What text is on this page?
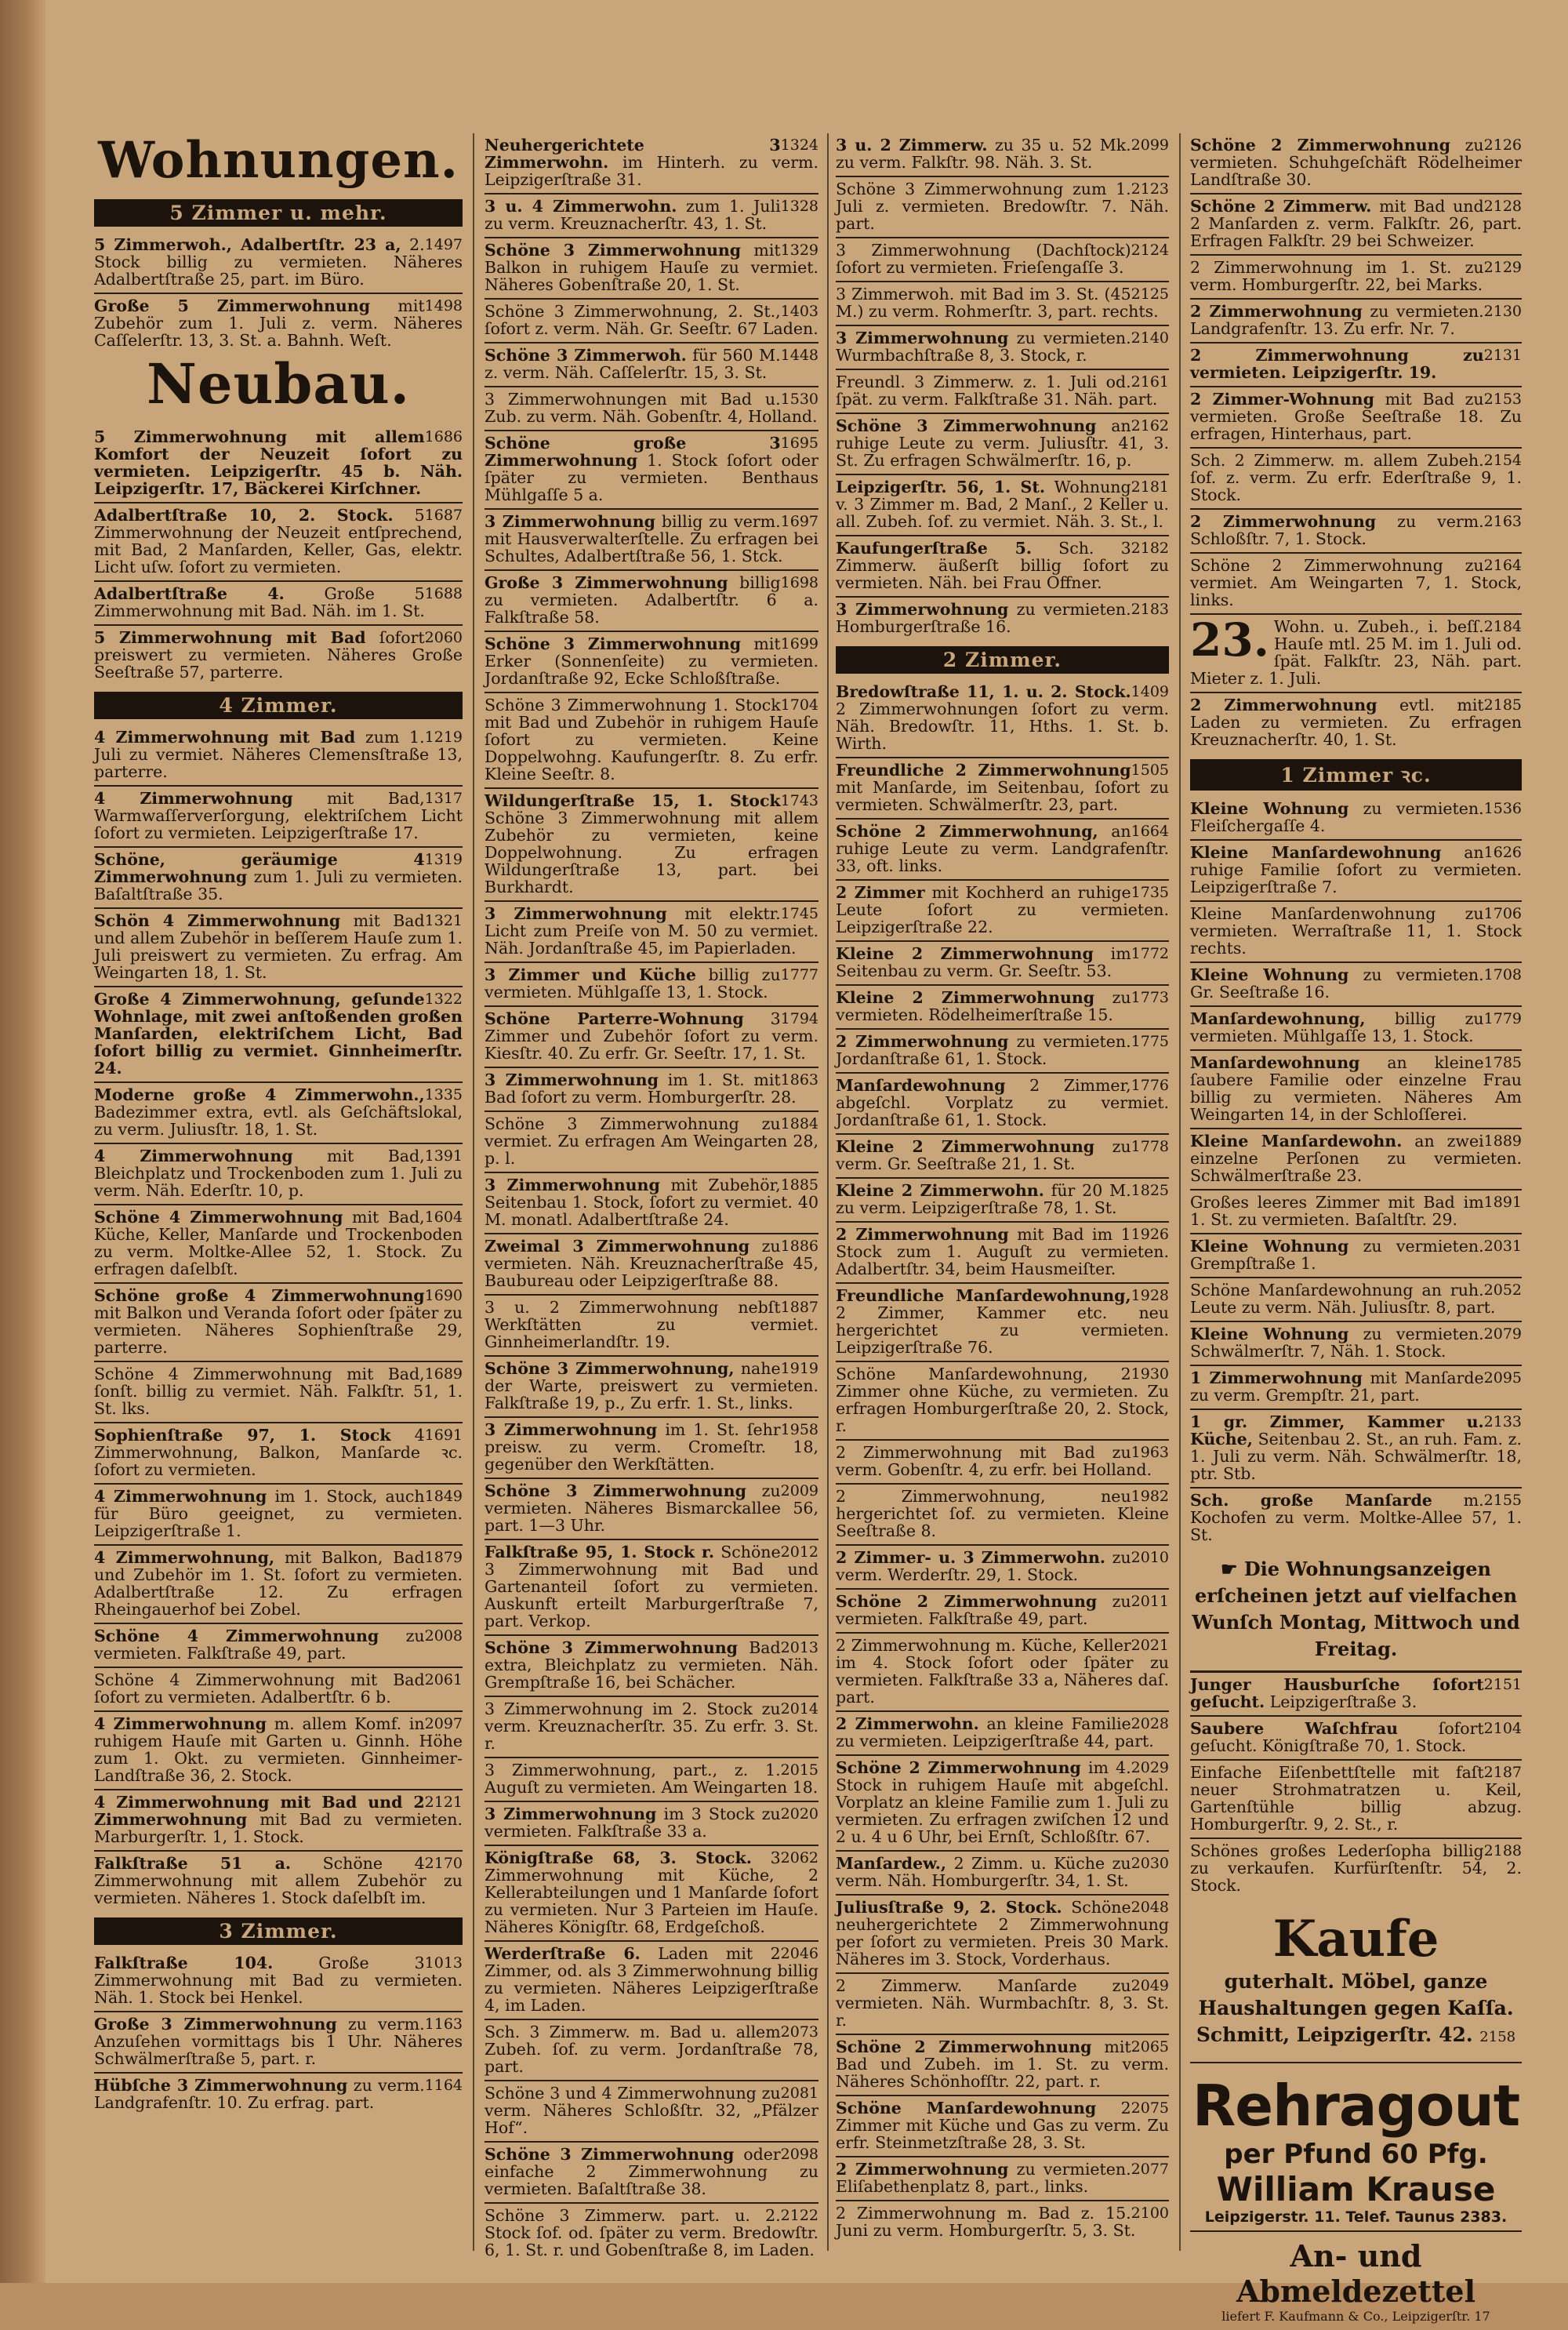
Wohnungen.
5 Zimmer u. mehr.
1497
5 Zimmerwoh., Adalbertſtr. 23 a, 2. Stock billig zu vermieten. Näheres Adalbertſtraße 25, part. im Büro.
1498
Große 5 Zimmerwohnung mit Zubehör zum 1. Juli z. verm. Näheres Caſſelerſtr. 13, 3. St. a. Bahnh. Weſt.
Neubau.
1686
5 Zimmerwohnung mit allem Komfort der Neuzeit ſofort zu vermieten. Leipzigerſtr. 45 b. Näh. Leipzigerſtr. 17, Bäckerei Kirſchner.
1687
Adalbertſtraße 10, 2. Stock. 5 Zimmerwohnung der Neuzeit entſprechend, mit Bad, 2 Manſarden, Keller, Gas, elektr. Licht uſw. ſofort zu vermieten.
1688
Adalbertſtraße 4. Große 5 Zimmerwohnung mit Bad. Näh. im 1. St.
2060
5 Zimmerwohnung mit Bad ſofort preiswert zu vermieten. Näheres Große Seeſtraße 57, parterre.
4 Zimmer.
1219
4 Zimmerwohnung mit Bad zum 1. Juli zu vermiet. Näheres Clemensſtraße 13, parterre.
1317
4 Zimmerwohnung mit Bad, Warmwaſſerverſorgung, elektriſchem Licht ſofort zu vermieten. Leipzigerſtraße 17.
1319
Schöne, geräumige 4 Zimmerwohnung zum 1. Juli zu vermieten. Baſaltſtraße 35.
1321
Schön 4 Zimmerwohnung mit Bad und allem Zubehör in beſſerem Hauſe zum 1. Juli preiswert zu vermieten. Zu erfrag. Am Weingarten 18, 1. St.
1322
Große 4 Zimmerwohnung, geſunde Wohnlage, mit zwei anſtoßenden großen Manſarden, elektriſchem Licht, Bad ſofort billig zu vermiet. Ginnheimerſtr. 24.
1335
Moderne große 4 Zimmerwohn., Badezimmer extra, evtl. als Geſchäftslokal, zu verm. Juliusſtr. 18, 1. St.
1391
4 Zimmerwohnung mit Bad, Bleichplatz und Trockenboden zum 1. Juli zu verm. Näh. Ederſtr. 10, p.
1604
Schöne 4 Zimmerwohnung mit Bad, Küche, Keller, Manſarde und Trockenboden zu verm. Moltke-Allee 52, 1. Stock. Zu erfragen daſelbſt.
1690
Schöne große 4 Zimmerwohnung mit Balkon und Veranda ſofort oder ſpäter zu vermieten. Näheres Sophienſtraße 29, parterre.
1689
Schöne 4 Zimmerwohnung mit Bad, ſonſt. billig zu vermiet. Näh. Falkſtr. 51, 1. St. lks.
1691
Sophienſtraße 97, 1. Stock 4 Zimmerwohnung, Balkon, Manſarde ꝛc. ſofort zu vermieten.
1849
4 Zimmerwohnung im 1. Stock, auch für Büro geeignet, zu vermieten. Leipzigerſtraße 1.
1879
4 Zimmerwohnung, mit Balkon, Bad und Zubehör im 1. St. ſofort zu vermieten. Adalbertſtraße 12. Zu erfragen Rheingauerhof bei Zobel.
2008
Schöne 4 Zimmerwohnung zu vermieten. Falkſtraße 49, part.
2061
Schöne 4 Zimmerwohnung mit Bad ſofort zu vermieten. Adalbertſtr. 6 b.
2097
4 Zimmerwohnung m. allem Komf. in ruhigem Hauſe mit Garten u. Ginnh. Höhe zum 1. Okt. zu vermieten. Ginnheimer-Landſtraße 36, 2. Stock.
2121
4 Zimmerwohnung mit Bad und 2 Zimmerwohnung mit Bad zu vermieten. Marburgerſtr. 1, 1. Stock.
2170
Falkſtraße 51 a. Schöne 4 Zimmerwohnung mit allem Zubehör zu vermieten. Näheres 1. Stock daſelbſt im.
3 Zimmer.
1013
Falkſtraße 104.	Große 3 Zimmerwohnung mit Bad zu vermieten. Näh. 1. Stock bei Henkel.
1163
Große 3 Zimmerwohnung zu verm. Anzuſehen vormittags bis 1 Uhr. Näheres Schwälmerſtraße 5, part. r.
1164
Hübſche 3 Zimmerwohnung zu verm. Landgrafenſtr. 10. Zu erfrag. part.
1324
Neuhergerichtete 3 Zimmerwohn. im Hinterh. zu verm. Leipzigerſtraße 31.
1328
3 u. 4 Zimmerwohn. zum 1. Juli zu verm. Kreuznacherſtr. 43, 1. St.
1329
Schöne 3 Zimmerwohnung mit Balkon in ruhigem Hauſe zu vermiet. Näheres Gobenſtraße 20, 1. St.
1403
Schöne 3 Zimmerwohnung, 2. St., ſofort z. verm. Näh. Gr. Seeſtr. 67 Laden.
1448
Schöne 3 Zimmerwoh. für 560 M. z. verm. Näh. Caſſelerſtr. 15, 3. St.
1530
3 Zimmerwohnungen mit Bad u. Zub. zu verm. Näh. Gobenſtr. 4, Holland.
1695
Schöne große 3 Zimmerwohnung 1. Stock ſofort oder ſpäter zu vermieten. Benthaus Mühlgaſſe 5 a.
1697
3 Zimmerwohnung billig zu verm. mit Hausverwalterſtelle. Zu erfragen bei Schultes, Adalbertſtraße 56, 1. Stck.
1698
Große 3 Zimmerwohnung billig zu vermieten. Adalbertſtr. 6 a. Falkſtraße 58.
1699
Schöne 3 Zimmerwohnung mit Erker (Sonnenſeite) zu vermieten. Jordanſtraße 92, Ecke Schloßſtraße.
1704
Schöne 3 Zimmerwohnung 1. Stock mit Bad und Zubehör in ruhigem Hauſe ſofort zu vermieten. Keine Doppelwohng. Kaufungerſtr. 8. Zu erfr. Kleine Seeſtr. 8.
1743
Wildungerſtraße 15, 1. Stock Schöne 3 Zimmerwohnung mit allem Zubehör zu vermieten, keine Doppelwohnung. Zu erfragen Wildungerſtraße 13, part. bei Burkhardt.
1745
3 Zimmerwohnung mit elektr. Licht zum Preiſe von M. 50 zu vermiet. Näh. Jordanſtraße 45, im Papierladen.
1777
3 Zimmer und Küche billig zu vermieten. Mühlgaſſe 13, 1. Stock.
1794
Schöne Parterre-Wohnung 3 Zimmer und Zubehör ſofort zu verm. Kiesſtr. 40. Zu erfr. Gr. Seeſtr. 17, 1. St.
1863
3 Zimmerwohnung im 1. St. mit Bad ſofort zu verm. Homburgerſtr. 28.
1884
Schöne 3 Zimmerwohnung zu vermiet. Zu erfragen Am Weingarten 28, p. l.
1885
3 Zimmerwohnung mit Zubehör, Seitenbau 1. Stock, ſofort zu vermiet. 40 M. monatl. Adalbertſtraße 24.
1886
Zweimal 3 Zimmerwohnung zu vermieten. Näh. Kreuznacherſtraße 45, Baubureau oder Leipzigerſtraße 88.
1887
3 u. 2 Zimmerwohnung nebſt Werkſtätten zu vermiet. Ginnheimerlandſtr. 19.
1919
Schöne 3 Zimmerwohnung, nahe der Warte, preiswert zu vermieten. Falkſtraße 19, p., Zu erfr. 1. St., links.
1958
3 Zimmerwohnung im 1. St. ſehr preisw. zu verm. Cromeſtr. 18, gegenüber den Werkſtätten.
2009
Schöne 3 Zimmerwohnung zu vermieten. Näheres Bismarckallee 56, part. 1—3 Uhr.
2012
Falkſtraße 95, 1. Stock r. Schöne 3 Zimmerwohnung mit Bad und Gartenanteil ſofort zu vermieten. Auskunft erteilt Marburgerſtraße 7, part. Verkop.
2013
Schöne 3 Zimmerwohnung Bad extra, Bleichplatz zu vermieten. Näh. Grempſtraße 16, bei Schächer.
2014
3 Zimmerwohnung im 2. Stock zu verm. Kreuznacherſtr. 35. Zu erfr. 3. St. r.
2015
3 Zimmerwohnung, part., z. 1. Auguſt zu vermieten. Am Weingarten 18.
2020
3 Zimmerwohnung im 3 Stock zu vermieten. Falkſtraße 33 a.
2062
Königſtraße 68, 3. Stock. 3 Zimmerwohnung mit Küche, 2 Kellerabteilungen und 1 Manſarde ſofort zu vermieten. Nur 3 Parteien im Hauſe. Näheres Königſtr. 68, Erdgeſchoß.
2046
Werderſtraße 6. Laden mit 2 Zimmer, od. als 3 Zimmerwohnung billig zu vermieten. Näheres Leipzigerſtraße 4, im Laden.
2073
Sch. 3 Zimmerw. m. Bad u. allem Zubeh. ſof. zu verm. Jordanſtraße 78, part.
2081
Schöne 3 und 4 Zimmerwohnung zu verm. Näheres Schloßſtr. 32, „Pfälzer Hof“.
2098
Schöne 3 Zimmerwohnung oder einfache 2 Zimmerwohnung zu vermieten. Baſaltſtraße 38.
2122
Schöne 3 Zimmerw. part. u. 2. Stock ſof. od. ſpäter zu verm. Bredowſtr. 6, 1. St. r. und Gobenſtraße 8, im Laden.
2099
3 u. 2 Zimmerw. zu 35 u. 52 Mk. zu verm. Falkſtr. 98. Näh. 3. St.
2123
Schöne 3 Zimmerwohnung zum 1. Juli z. vermieten. Bredowſtr. 7. Näh. part.
2124
3 Zimmerwohnung (Dachſtock) ſofort zu vermieten. Frieſengaſſe 3.
2125
3 Zimmerwoh. mit Bad im 3. St. (45 M.) zu verm. Rohmerſtr. 3, part. rechts.
2140
3 Zimmerwohnung zu vermieten. Wurmbachſtraße 8, 3. Stock, r.
2161
Freundl. 3 Zimmerw. z. 1. Juli od. ſpät. zu verm. Falkſtraße 31. Näh. part.
2162
Schöne 3 Zimmerwohnung an ruhige Leute zu verm. Juliusſtr. 41, 3. St. Zu erfragen Schwälmerſtr. 16, p.
2181
Leipzigerſtr. 56, 1. St. Wohnung v. 3 Zimmer m. Bad, 2 Manſ., 2 Keller u. all. Zubeh. ſof. zu vermiet. Näh. 3. St., l.
2182
Kaufungerſtraße 5. Sch. 3 Zimmerw. äußerſt billig ſofort zu vermieten. Näh. bei Frau Offner.
2183
3 Zimmerwohnung zu vermieten. Homburgerſtraße 16.
2 Zimmer.
1409
Bredowſtraße 11, 1. u. 2. Stock. 2 Zimmerwohnungen ſofort zu verm. Näh. Bredowſtr. 11, Hths. 1. St. b. Wirth.
1505
Freundliche 2 Zimmerwohnung mit Manſarde, im Seitenbau, ſofort zu vermieten. Schwälmerſtr. 23, part.
1664
Schöne 2 Zimmerwohnung, an ruhige Leute zu verm. Landgrafenſtr. 33, oft. links.
1735
2 Zimmer mit Kochherd an ruhige Leute ſofort zu vermieten. Leipzigerſtraße 22.
1772
Kleine 2 Zimmerwohnung im Seitenbau zu verm. Gr. Seeſtr. 53.
1773
Kleine 2 Zimmerwohnung zu vermieten. Rödelheimerſtraße 15.
1775
2 Zimmerwohnung zu vermieten. Jordanſtraße 61, 1. Stock.
1776
Manſardewohnung 2 Zimmer, abgeſchl. Vorplatz zu vermiet. Jordanſtraße 61, 1. Stock.
1778
Kleine 2 Zimmerwohnung zu verm. Gr. Seeſtraße 21, 1. St.
1825
Kleine 2 Zimmerwohn. für 20 M. zu verm. Leipzigerſtraße 78, 1. St.
1926
2 Zimmerwohnung mit Bad im 1 Stock zum 1. Auguſt zu vermieten. Adalbertſtr. 34, beim Hausmeiſter.
1928
Freundliche Manſardewohnung, 2 Zimmer, Kammer etc. neu hergerichtet zu vermieten. Leipzigerſtraße 76.
1930
Schöne Manſardewohnung, 2 Zimmer ohne Küche, zu vermieten. Zu erfragen Homburgerſtraße 20, 2. Stock, r.
1963
2 Zimmerwohnung mit Bad zu verm. Gobenſtr. 4, zu erfr. bei Holland.
1982
2 Zimmerwohnung, neu hergerichtet ſof. zu vermieten. Kleine Seeſtraße 8.
2010
2 Zimmer- u. 3 Zimmerwohn. zu verm. Werderſtr. 29, 1. Stock.
2011
Schöne 2 Zimmerwohnung zu vermieten. Falkſtraße 49, part.
2021
2 Zimmerwohnung m. Küche, Keller im 4. Stock ſofort oder ſpäter zu vermieten. Falkſtraße 33 a, Näheres daſ. part.
2028
2 Zimmerwohn. an kleine Familie zu vermieten. Leipzigerſtraße 44, part.
2029
Schöne 2 Zimmerwohnung im 4. Stock in ruhigem Hauſe mit abgeſchl. Vorplatz an kleine Familie zum 1. Juli zu vermieten. Zu erfragen zwiſchen 12 und 2 u. 4 u 6 Uhr, bei Ernſt, Schloßſtr. 67.
2030
Manſardew., 2 Zimm. u. Küche zu verm. Näh. Homburgerſtr. 34, 1. St.
2048
Juliusſtraße 9, 2. Stock. Schöne neuhergerichtete 2 Zimmerwohnung per ſofort zu vermieten. Preis 30 Mark. Näheres im 3. Stock, Vorderhaus.
2049
2 Zimmerw. Manſarde zu vermieten. Näh. Wurmbachſtr. 8, 3. St. r.
2065
Schöne 2 Zimmerwohnung mit Bad und Zubeh. im 1. St. zu verm. Näheres Schönhofſtr. 22, part. r.
2075
Schöne Manſardewohnung 2 Zimmer mit Küche und Gas zu verm. Zu erfr. Steinmetzſtraße 28, 3. St.
2077
2 Zimmerwohnung zu vermieten. Eliſabethenplatz 8, part., links.
2100
2 Zimmerwohnung m. Bad z. 15. Juni zu verm. Homburgerſtr. 5, 3. St.
2126
Schöne 2 Zimmerwohnung zu vermieten. Schuhgeſchäft Rödelheimer Landſtraße 30.
2128
Schöne 2 Zimmerw. mit Bad und 2 Manſarden z. verm. Falkſtr. 26, part. Erfragen Falkſtr. 29 bei Schweizer.
2129
2 Zimmerwohnung im 1. St. zu verm. Homburgerſtr. 22, bei Marks.
2130
2 Zimmerwohnung zu vermieten. Landgrafenſtr. 13. Zu erfr. Nr. 7.
2131
2 Zimmerwohnung zu vermieten. Leipzigerſtr. 19.
2153
2 Zimmer-Wohnung mit Bad zu vermieten. Große Seeſtraße 18. Zu erfragen, Hinterhaus, part.
2154
Sch. 2 Zimmerw. m. allem Zubeh. ſof. z. verm. Zu erfr. Ederſtraße 9, 1. Stock.
2163
2 Zimmerwohnung zu verm. Schloßſtr. 7, 1. Stock.
2164
Schöne 2 Zimmerwohnung zu vermiet. Am Weingarten 7, 1. Stock, links.
2184
23. Wohn. u. Zubeh., i. beſſ. Hauſe mtl. 25 M. im 1. Juli od. ſpät. Falkſtr. 23, Näh. part. Mieter z. 1. Juli.
2185
2 Zimmerwohnung evtl. mit Laden zu vermieten. Zu erfragen Kreuznacherſtr. 40, 1. St.
1 Zimmer ꝛc.
1536
Kleine Wohnung zu vermieten. Fleiſchergaſſe 4.
1626
Kleine Manſardewohnung an ruhige Familie ſofort zu vermieten. Leipzigerſtraße 7.
1706
Kleine Manſardenwohnung zu vermieten. Werraſtraße 11, 1. Stock rechts.
1708
Kleine Wohnung zu vermieten. Gr. Seeſtraße 16.
1779
Manſardewohnung, billig zu vermieten. Mühlgaſſe 13, 1. Stock.
1785
Manſardewohnung an kleine ſaubere Familie oder einzelne Frau billig zu vermieten. Näheres Am Weingarten 14, in der Schloſſerei.
1889
Kleine Manſardewohn. an zwei einzelne Perſonen zu vermieten. Schwälmerſtraße 23.
1891
Großes leeres Zimmer mit Bad im 1. St. zu vermieten. Baſaltſtr. 29.
2031
Kleine Wohnung zu vermieten. Grempſtraße 1.
2052
Schöne Manſardewohnung an ruh. Leute zu verm. Näh. Juliusſtr. 8, part.
2079
Kleine Wohnung zu vermieten. Schwälmerſtr. 7, Näh. 1. Stock.
2095
1 Zimmerwohnung mit Manſarde zu verm. Grempſtr. 21, part.
2133
1 gr. Zimmer, Kammer u. Küche, Seitenbau 2. St., an ruh. Fam. z. 1. Juli zu verm. Näh. Schwälmerſtr. 18, ptr. Stb.
2155
Sch. große Manſarde m. Kochofen zu verm. Moltke-Allee 57, 1. St.
☛ Die Wohnungsanzeigen erſcheinen jetzt auf vielfachen Wunſch Montag, Mittwoch und Freitag.
2151
Junger Hausburſche ſofort geſucht. Leipzigerſtraße 3.
2104
Saubere Waſchfrau	ſofort geſucht. Königſtraße 70, 1. Stock.
2187
Einfache Eiſenbettſtelle mit faſt neuer Strohmatratzen u. Keil, Gartenſtühle billig abzug. Homburgerſtr. 9, 2. St., r.
2188
Schönes großes Lederſopha billig zu verkaufen. Kurfürſtenſtr. 54, 2. Stock.
Kaufe
guterhalt. Möbel, ganze
Haushaltungen gegen Kaſſa.
Schmitt, Leipzigerſtr. 42. 2158
Rehragout
per Pfund 60 Pfg.
William Krause
Leipzigerstr. 11. Telef. Taunus 2383.
An- und Abmeldezettel
liefert F. Kaufmann & Co., Leipzigerſtr. 17
